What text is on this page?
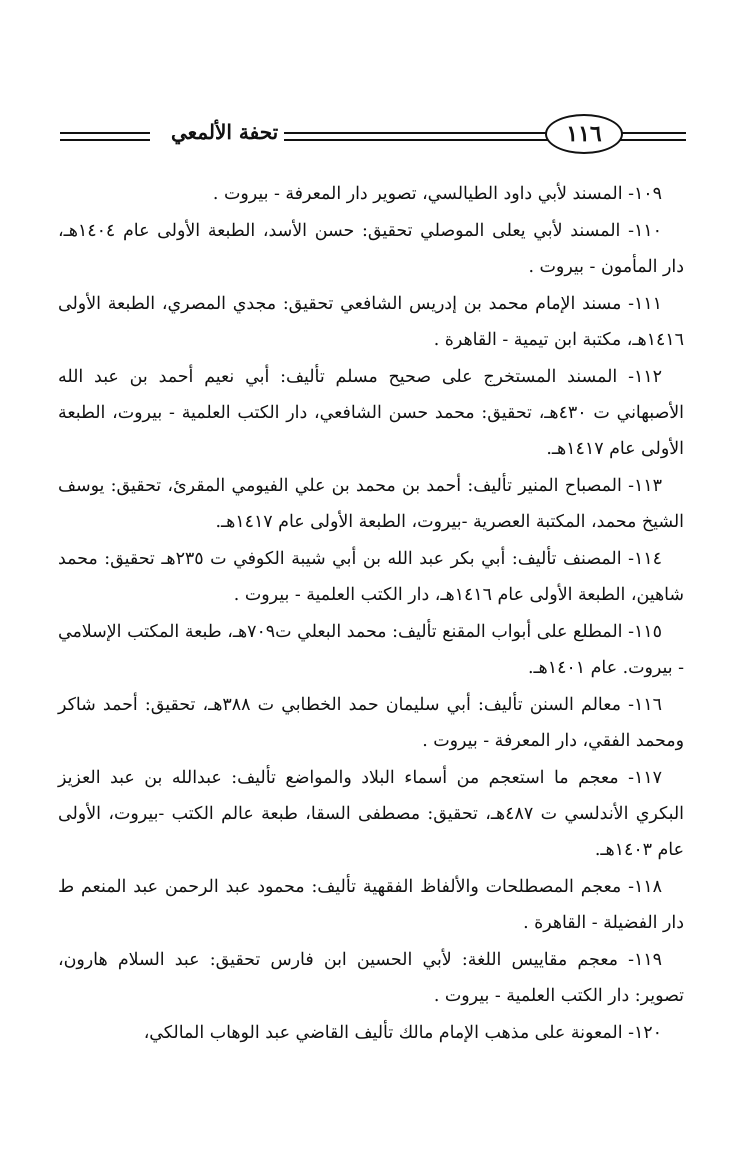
تحفة الألمعي	١١٦

١٠٩- المسند لأبي داود الطيالسي، تصوير دار المعرفة - بيروت .

١١٠- المسند لأبي يعلى الموصلي تحقيق: حسن الأسد، الطبعة الأولى عام ١٤٠٤هـ، دار المأمون - بيروت .

١١١- مسند الإمام محمد بن إدريس الشافعي تحقيق: مجدي المصري، الطبعة الأولى ١٤١٦هـ، مكتبة ابن تيمية - القاهرة .

١١٢- المسند المستخرج على صحيح مسلم تأليف: أبي نعيم أحمد بن عبد الله الأصبهاني ت ٤٣٠هـ، تحقيق: محمد حسن الشافعي، دار الكتب العلمية - بيروت، الطبعة الأولى عام ١٤١٧هـ.

١١٣- المصباح المنير تأليف: أحمد بن محمد بن علي الفيومي المقرئ، تحقيق: يوسف الشيخ محمد، المكتبة العصرية -بيروت، الطبعة الأولى عام ١٤١٧هـ.

١١٤- المصنف تأليف: أبي بكر عبد الله بن أبي شيبة الكوفي ت ٢٣٥هـ تحقيق: محمد شاهين، الطبعة الأولى عام ١٤١٦هـ، دار الكتب العلمية - بيروت .

١١٥- المطلع على أبواب المقنع تأليف: محمد البعلي ت٧٠٩هـ، طبعة المكتب الإسلامي - بيروت. عام ١٤٠١هـ.

١١٦- معالم السنن تأليف: أبي سليمان حمد الخطابي ت ٣٨٨هـ، تحقيق: أحمد شاكر ومحمد الفقي، دار المعرفة - بيروت .

١١٧- معجم ما استعجم من أسماء البلاد والمواضع تأليف: عبدالله بن عبد العزيز البكري الأندلسي ت ٤٨٧هـ، تحقيق: مصطفى السقا، طبعة عالم الكتب -بيروت، الأولى عام ١٤٠٣هـ.

١١٨- معجم المصطلحات والألفاظ الفقهية تأليف: محمود عبد الرحمن عبد المنعم ط دار الفضيلة - القاهرة .

١١٩- معجم مقاييس اللغة: لأبي الحسين ابن فارس تحقيق: عبد السلام هارون، تصوير: دار الكتب العلمية - بيروت .

١٢٠- المعونة على مذهب الإمام مالك تأليف القاضي عبد الوهاب المالكي،
